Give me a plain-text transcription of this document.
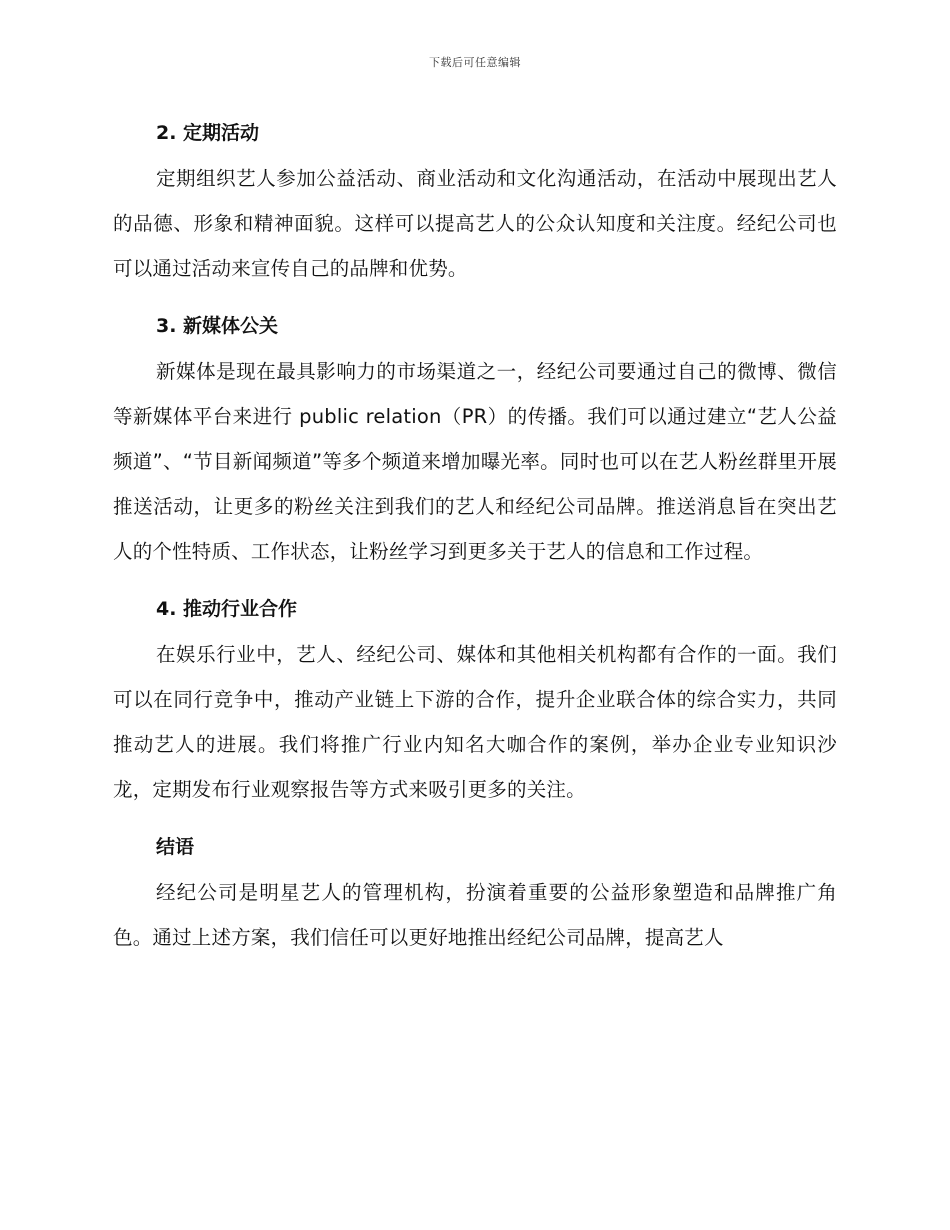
下载后可任意编辑
2. 定期活动

定期组织艺人参加公益活动、商业活动和文化沟通活动，在活动中展现出艺人的品德、形象和精神面貌。这样可以提高艺人的公众认知度和关注度。经纪公司也可以通过活动来宣传自己的品牌和优势。

3. 新媒体公关

新媒体是现在最具影响力的市场渠道之一，经纪公司要通过自己的微博、微信等新媒体平台来进行 public relation（PR）的传播。我们可以通过建立“艺人公益频道”、“节目新闻频道”等多个频道来增加曝光率。同时也可以在艺人粉丝群里开展推送活动，让更多的粉丝关注到我们的艺人和经纪公司品牌。推送消息旨在突出艺人的个性特质、工作状态，让粉丝学习到更多关于艺人的信息和工作过程。

4. 推动行业合作

在娱乐行业中，艺人、经纪公司、媒体和其他相关机构都有合作的一面。我们可以在同行竞争中，推动产业链上下游的合作，提升企业联合体的综合实力，共同推动艺人的进展。我们将推广行业内知名大咖合作的案例，举办企业专业知识沙龙，定期发布行业观察报告等方式来吸引更多的关注。

结语

经纪公司是明星艺人的管理机构，扮演着重要的公益形象塑造和品牌推广角色。通过上述方案，我们信任可以更好地推出经纪公司品牌，提高艺人
